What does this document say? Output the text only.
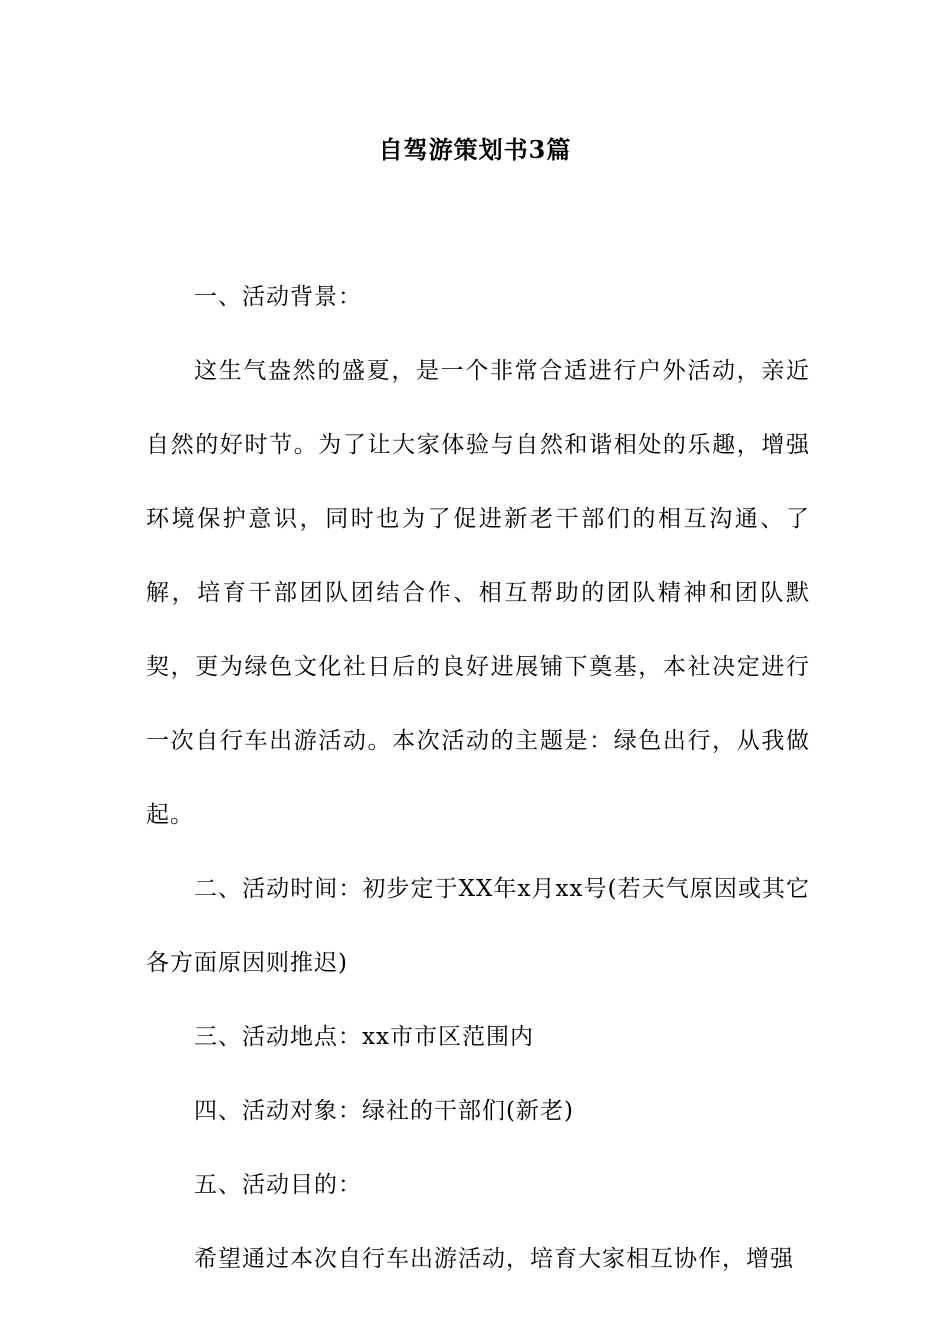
自驾游策划书3篇

一、活动背景：

这生气盎然的盛夏，是一个非常合适进行户外活动，亲近自然的好时节。为了让大家体验与自然和谐相处的乐趣，增强环境保护意识，同时也为了促进新老干部们的相互沟通、了解，培育干部团队团结合作、相互帮助的团队精神和团队默契，更为绿色文化社日后的良好进展铺下奠基，本社决定进行一次自行车出游活动。本次活动的主题是：绿色出行，从我做起。

二、活动时间：初步定于XX年x月xx号(若天气原因或其它各方面原因则推迟)

三、活动地点：xx市市区范围内

四、活动对象：绿社的干部们(新老)

五、活动目的：

希望通过本次自行车出游活动，培育大家相互协作，增强
